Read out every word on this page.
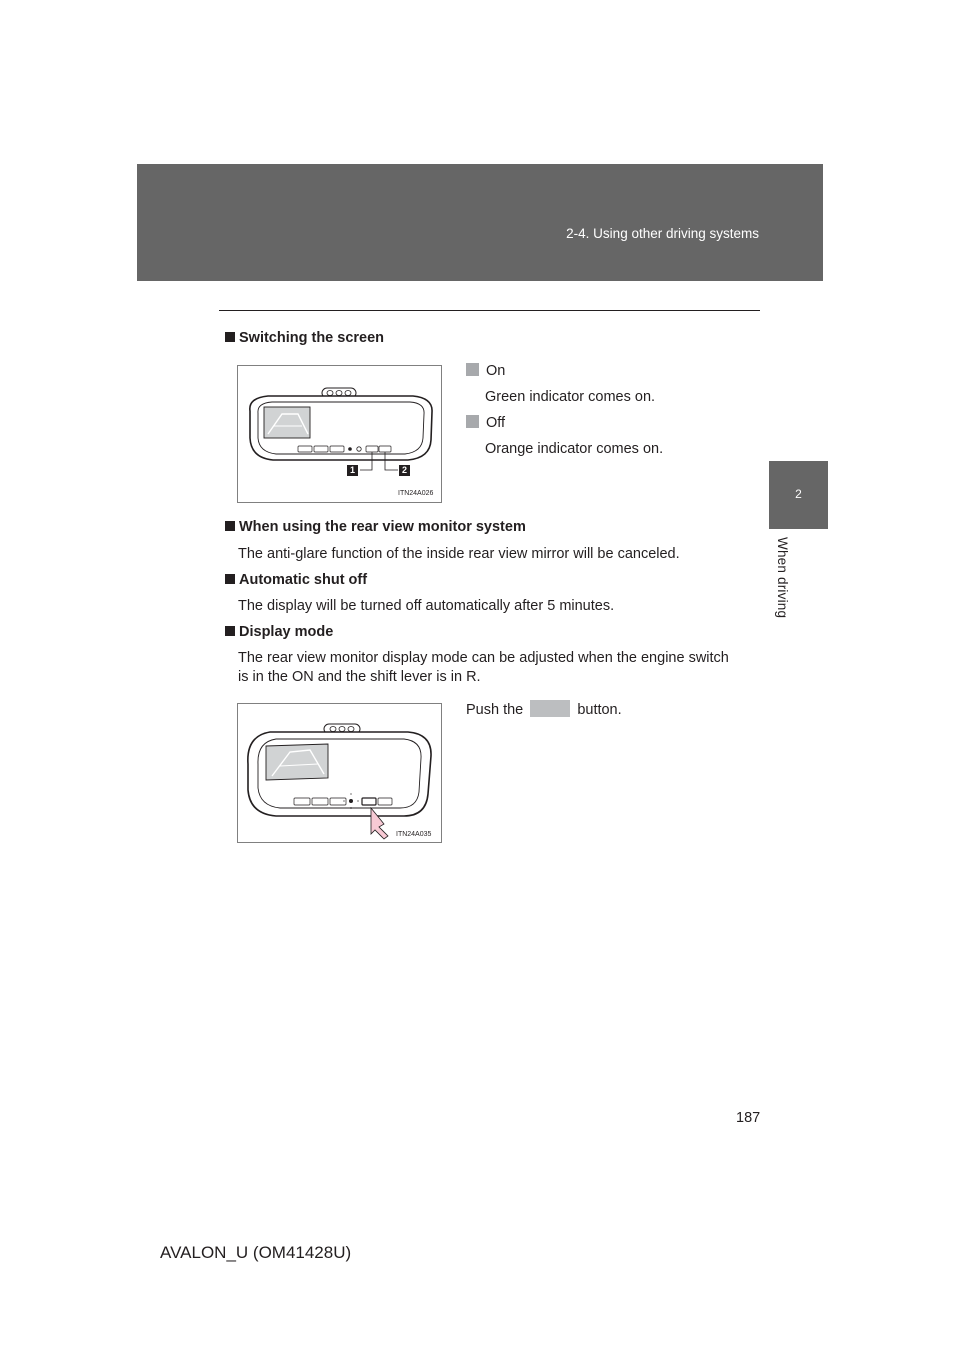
2-4. Using other driving systems
2
When driving
Switching the screen
1	2
ITN24A026
On
Green indicator comes on.
Off
Orange indicator comes on.
When using the rear view monitor system
The anti-glare function of the inside rear view mirror will be canceled.
Automatic shut off
The display will be turned off automatically after 5 minutes.
Display mode
The rear view monitor display mode can be adjusted when the engine switch
is in the ON and the shift lever is in R.
ITN24A035
Push the	button.
187
AVALON_U (OM41428U)
